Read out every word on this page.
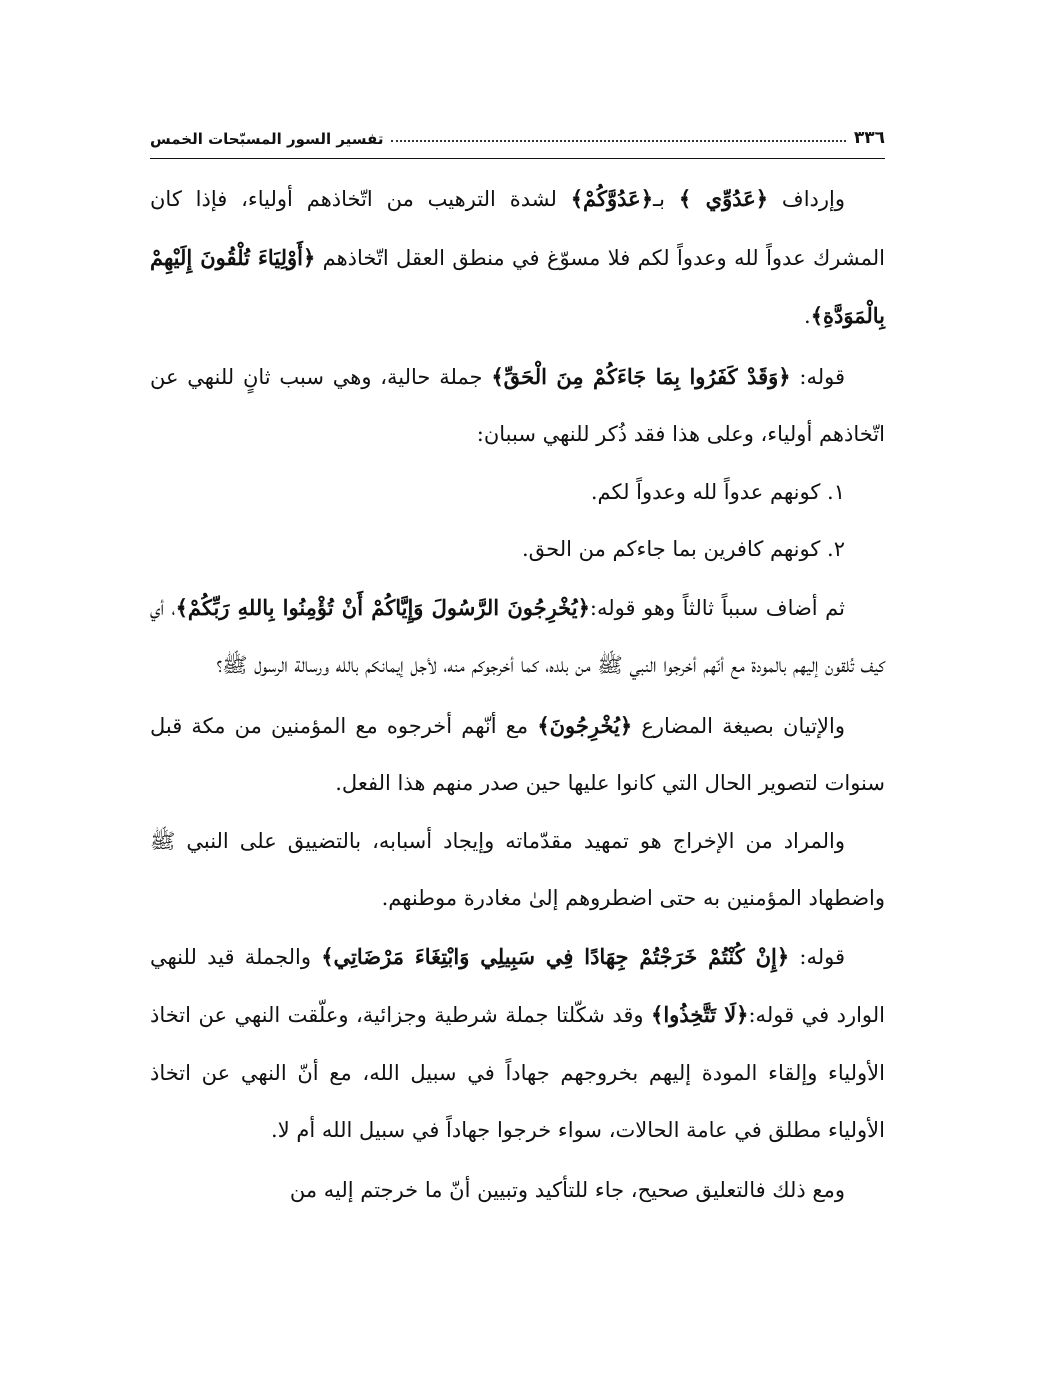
٣٣٦
تفسير السور المسبّحات الخمس

وإرداف ﴿عَدُوِّي ﴾ بـ﴿عَدُوَّكُمْ﴾ لشدة الترهيب من اتّخاذهم أولياء، فإذا كان المشرك عدواً لله وعدواً لكم فلا مسوّغ في منطق العقل اتّخاذهم ﴿أَوْلِيَاءَ تُلْقُونَ إِلَيْهِمْ بِالْمَوَدَّةِ﴾.

قوله: ﴿وَقَدْ كَفَرُوا بِمَا جَاءَكُمْ مِنَ الْحَقِّ﴾ جملة حالية، وهي سبب ثانٍ للنهي عن اتّخاذهم أولياء، وعلى هذا فقد ذُكر للنهي سببان:

١. كونهم عدواً لله وعدواً لكم.

٢. كونهم كافرين بما جاءكم من الحق.

ثم أضاف سبباً ثالثاً وهو قوله:﴿يُخْرِجُونَ الرَّسُولَ وَإِيَّاكُمْ أَنْ تُؤْمِنُوا بِاللهِ رَبِّكُمْ﴾، أي كيف تُلقون إليهم بالمودة مع أنّهم أخرجوا النبي ﷺ من بلده، كما أخرجوكم منه، لأجل إيمانكم بالله ورسالة الرسول ﷺ؟

والإتيان بصيغة المضارع ﴿يُخْرِجُونَ﴾ مع أنّهم أخرجوه مع المؤمنين من مكة قبل سنوات لتصوير الحال التي كانوا عليها حين صدر منهم هذا الفعل.

والمراد من الإخراج هو تمهيد مقدّماته وإيجاد أسبابه، بالتضييق على النبي ﷺ واضطهاد المؤمنين به حتى اضطروهم إلىٰ مغادرة موطنهم.

قوله: ﴿إِنْ كُنْتُمْ خَرَجْتُمْ جِهَادًا فِي سَبِيلِي وَابْتِغَاءَ مَرْضَاتِي﴾ والجملة قيد للنهي الوارد في قوله:﴿لَا تَتَّخِذُوا﴾ وقد شكّلتا جملة شرطية وجزائية، وعلّقت النهي عن اتخاذ الأولياء وإلقاء المودة إليهم بخروجهم جهاداً في سبيل الله، مع أنّ النهي عن اتخاذ الأولياء مطلق في عامة الحالات، سواء خرجوا جهاداً في سبيل الله أم لا.

ومع ذلك فالتعليق صحيح، جاء للتأكيد وتبيين أنّ ما خرجتم إليه من
